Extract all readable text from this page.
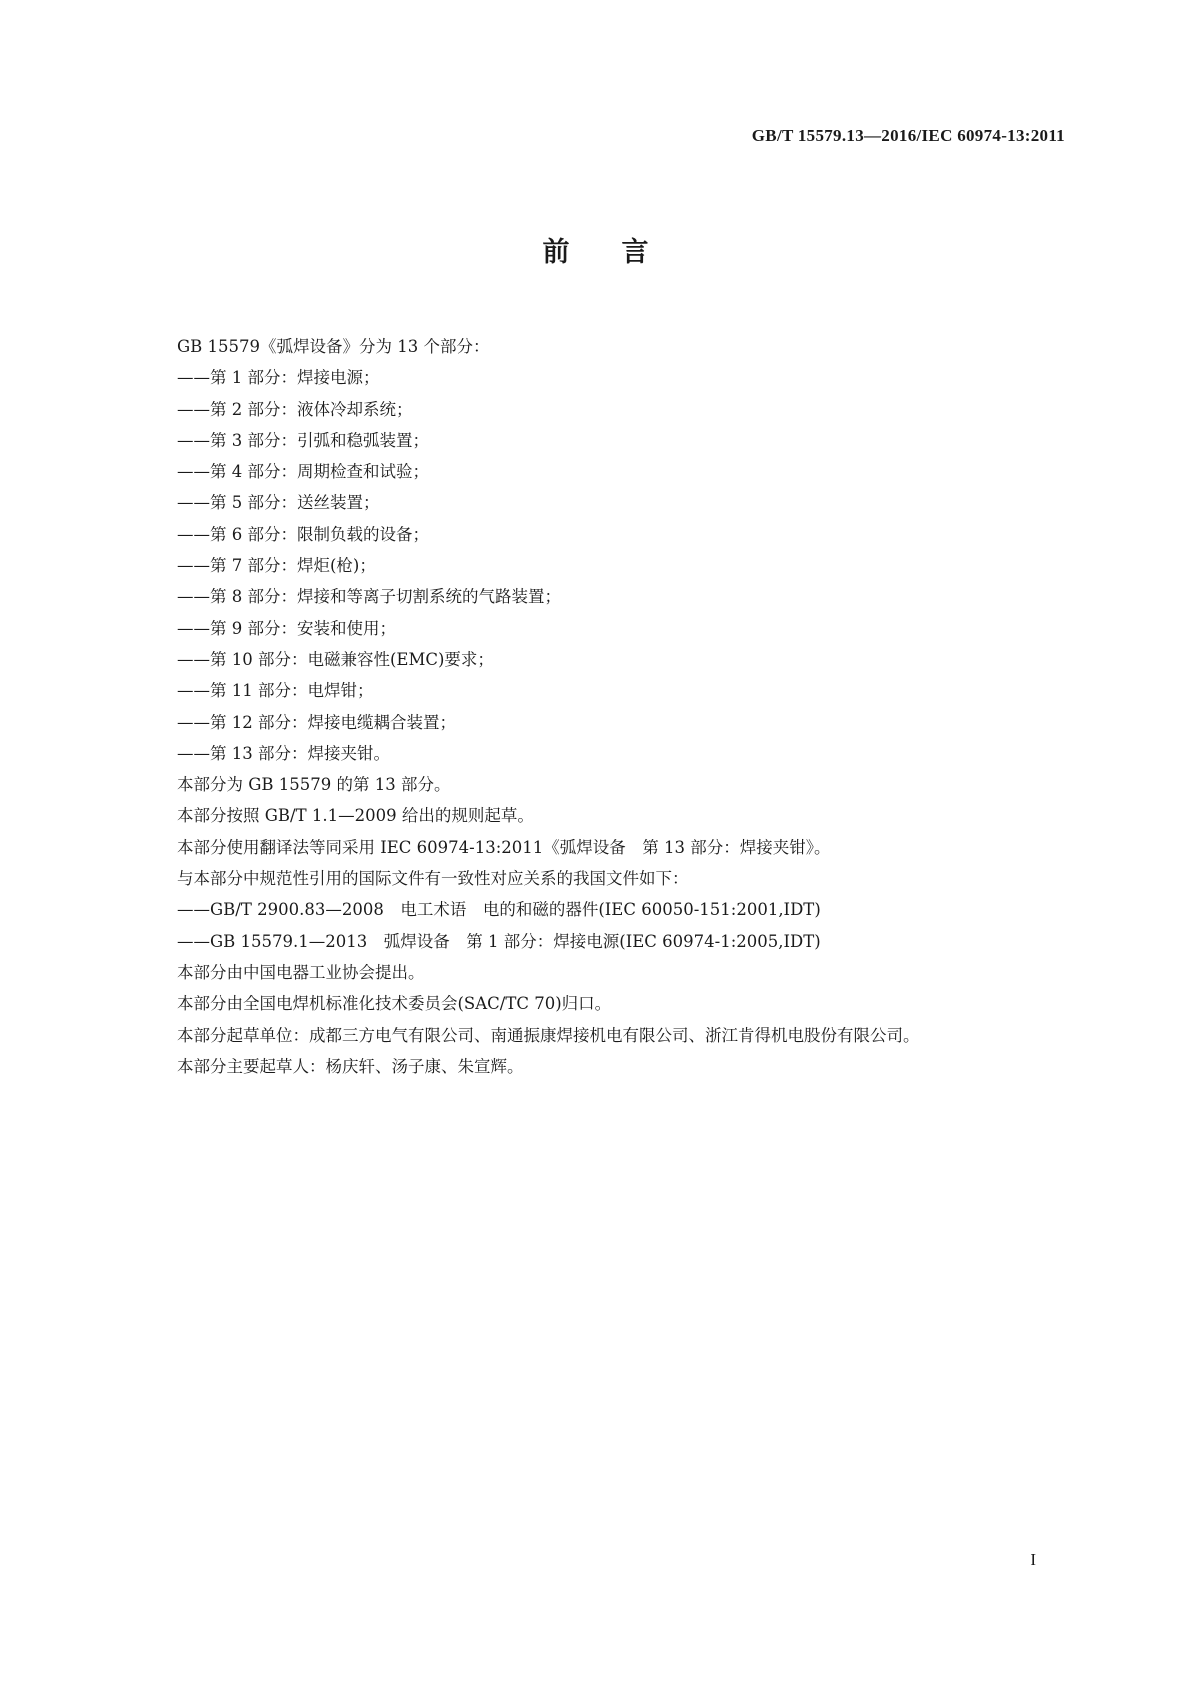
GB/T 15579.13—2016/IEC 60974-13:2011
前言
GB 15579《弧焊设备》分为 13 个部分：
——第 1 部分：焊接电源；
——第 2 部分：液体冷却系统；
——第 3 部分：引弧和稳弧装置；
——第 4 部分：周期检查和试验；
——第 5 部分：送丝装置；
——第 6 部分：限制负载的设备；
——第 7 部分：焊炬(枪)；
——第 8 部分：焊接和等离子切割系统的气路装置；
——第 9 部分：安装和使用；
——第 10 部分：电磁兼容性(EMC)要求；
——第 11 部分：电焊钳；
——第 12 部分：焊接电缆耦合装置；
——第 13 部分：焊接夹钳。
本部分为 GB 15579 的第 13 部分。
本部分按照 GB/T 1.1—2009 给出的规则起草。
本部分使用翻译法等同采用 IEC 60974-13:2011《弧焊设备　第 13 部分：焊接夹钳》。
与本部分中规范性引用的国际文件有一致性对应关系的我国文件如下：
——GB/T 2900.83—2008　电工术语　电的和磁的器件(IEC 60050-151:2001,IDT)
——GB 15579.1—2013　弧焊设备　第 1 部分：焊接电源(IEC 60974-1:2005,IDT)
本部分由中国电器工业协会提出。
本部分由全国电焊机标准化技术委员会(SAC/TC 70)归口。
本部分起草单位：成都三方电气有限公司、南通振康焊接机电有限公司、浙江肯得机电股份有限公司。
本部分主要起草人：杨庆轩、汤子康、朱宣辉。
I
